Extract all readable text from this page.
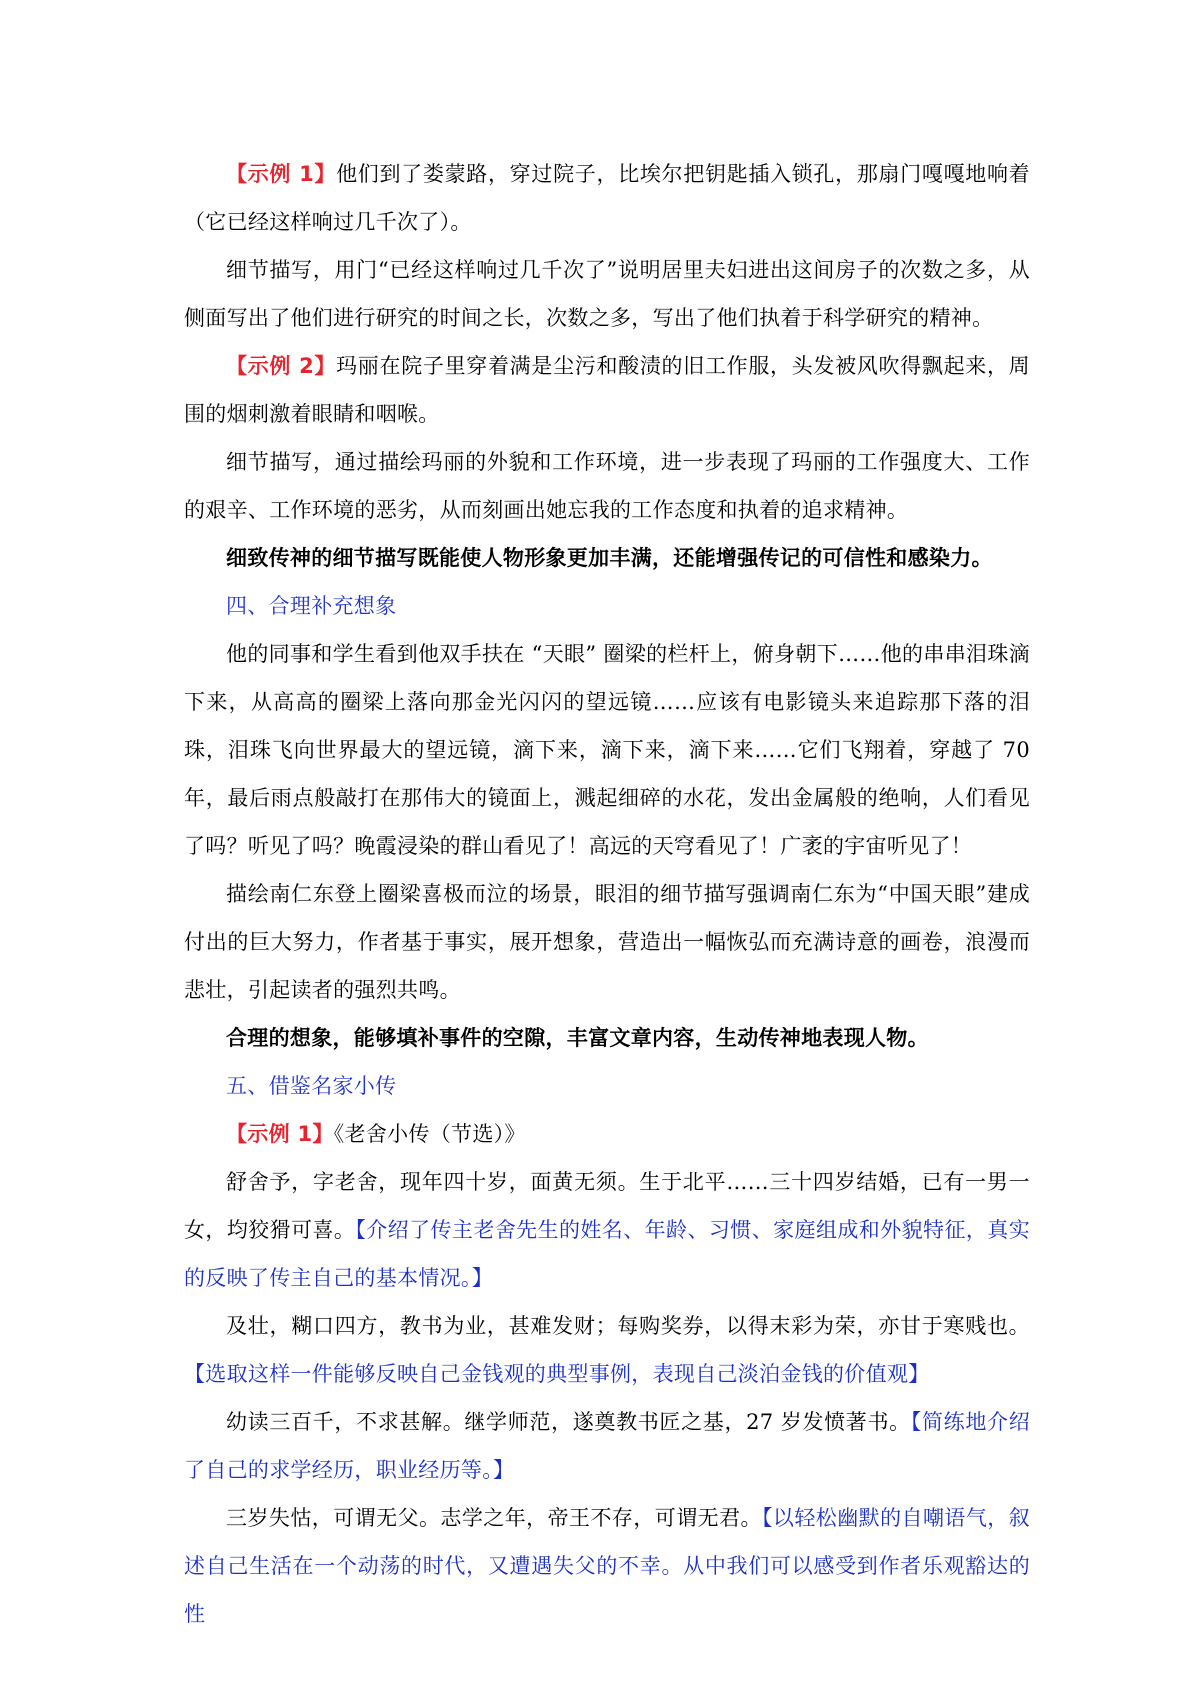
【示例 1】他们到了娄蒙路，穿过院子，比埃尔把钥匙插入锁孔，那扇门嘎嘎地响着（它已经这样响过几千次了）。

细节描写，用门“已经这样响过几千次了”说明居里夫妇进出这间房子的次数之多，从侧面写出了他们进行研究的时间之长，次数之多，写出了他们执着于科学研究的精神。

【示例 2】玛丽在院子里穿着满是尘污和酸渍的旧工作服，头发被风吹得飘起来，周围的烟刺激着眼睛和咽喉。

细节描写，通过描绘玛丽的外貌和工作环境，进一步表现了玛丽的工作强度大、工作的艰辛、工作环境的恶劣，从而刻画出她忘我的工作态度和执着的追求精神。

细致传神的细节描写既能使人物形象更加丰满，还能增强传记的可信性和感染力。

四、合理补充想象

他的同事和学生看到他双手扶在 “天眼” 圈梁的栏杆上，俯身朝下……他的串串泪珠滴下来，从高高的圈梁上落向那金光闪闪的望远镜……应该有电影镜头来追踪那下落的泪珠，泪珠飞向世界最大的望远镜，滴下来，滴下来，滴下来……它们飞翔着，穿越了 70 年，最后雨点般敲打在那伟大的镜面上，溅起细碎的水花，发出金属般的绝响，人们看见了吗？听见了吗？晚霞浸染的群山看见了！高远的天穹看见了！广袤的宇宙听见了！

描绘南仁东登上圈梁喜极而泣的场景，眼泪的细节描写强调南仁东为“中国天眼”建成付出的巨大努力，作者基于事实，展开想象，营造出一幅恢弘而充满诗意的画卷，浪漫而悲壮，引起读者的强烈共鸣。

合理的想象，能够填补事件的空隙，丰富文章内容，生动传神地表现人物。

五、借鉴名家小传

【示例 1】《老舍小传（节选）》

舒舍予，字老舍，现年四十岁，面黄无须。生于北平……三十四岁结婚，已有一男一女，均狡猾可喜。【介绍了传主老舍先生的姓名、年龄、习惯、家庭组成和外貌特征，真实的反映了传主自己的基本情况。】

及壮，糊口四方，教书为业，甚难发财；每购奖券，以得末彩为荣，亦甘于寒贱也。【选取这样一件能够反映自己金钱观的典型事例，表现自己淡泊金钱的价值观】

幼读三百千，不求甚解。继学师范，遂奠教书匠之基，27 岁发愤著书。【简练地介绍了自己的求学经历，职业经历等。】

三岁失怙，可谓无父。志学之年，帝王不存，可谓无君。【以轻松幽默的自嘲语气，叙述自己生活在一个动荡的时代，又遭遇失父的不幸。从中我们可以感受到作者乐观豁达的性
